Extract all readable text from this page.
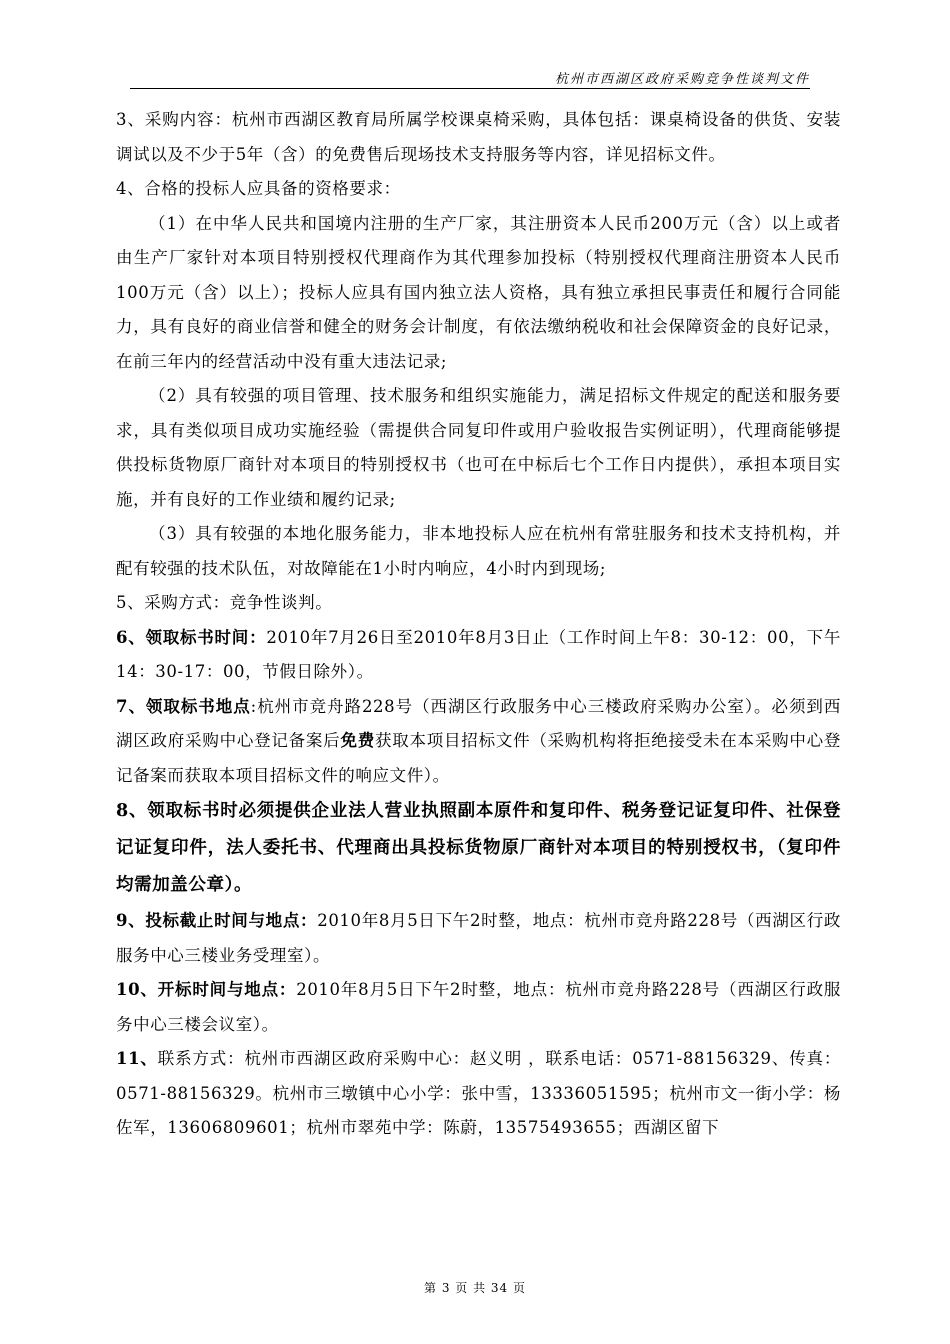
杭州市西湖区政府采购竞争性谈判文件

3、采购内容：杭州市西湖区教育局所属学校课桌椅采购，具体包括：课桌椅设备的供货、安装调试以及不少于5年（含）的免费售后现场技术支持服务等内容，详见招标文件。

4、合格的投标人应具备的资格要求：

（1）在中华人民共和国境内注册的生产厂家，其注册资本人民币200万元（含）以上或者由生产厂家针对本项目特别授权代理商作为其代理参加投标（特别授权代理商注册资本人民币100万元（含）以上）；投标人应具有国内独立法人资格，具有独立承担民事责任和履行合同能力，具有良好的商业信誉和健全的财务会计制度，有依法缴纳税收和社会保障资金的良好记录，在前三年内的经营活动中没有重大违法记录;

（2）具有较强的项目管理、技术服务和组织实施能力，满足招标文件规定的配送和服务要求，具有类似项目成功实施经验（需提供合同复印件或用户验收报告实例证明），代理商能够提供投标货物原厂商针对本项目的特别授权书（也可在中标后七个工作日内提供），承担本项目实施，并有良好的工作业绩和履约记录;

（3）具有较强的本地化服务能力，非本地投标人应在杭州有常驻服务和技术支持机构，并配有较强的技术队伍，对故障能在1小时内响应，4小时内到现场;

5、采购方式：竞争性谈判。

6、领取标书时间：2010年7月26日至2010年8月3日止（工作时间上午8：30-12：00，下午14：30-17：00，节假日除外）。

7、领取标书地点:杭州市竞舟路228号（西湖区行政服务中心三楼政府采购办公室）。必须到西湖区政府采购中心登记备案后免费获取本项目招标文件（采购机构将拒绝接受未在本采购中心登记备案而获取本项目招标文件的响应文件）。

8、领取标书时必须提供企业法人营业执照副本原件和复印件、税务登记证复印件、社保登记证复印件，法人委托书、代理商出具投标货物原厂商针对本项目的特别授权书，（复印件均需加盖公章）。

9、投标截止时间与地点：2010年8月5日下午2时整，地点：杭州市竞舟路228号（西湖区行政服务中心三楼业务受理室）。

10、开标时间与地点：2010年8月5日下午2时整，地点：杭州市竞舟路228号（西湖区行政服务中心三楼会议室）。

11、联系方式：杭州市西湖区政府采购中心：赵义明 ，联系电话：0571-88156329、传真：0571-88156329。杭州市三墩镇中心小学：张中雪，13336051595；杭州市文一街小学：杨佐军，13606809601；杭州市翠苑中学：陈蔚，13575493655；西湖区留下

第 3 页 共 34 页
